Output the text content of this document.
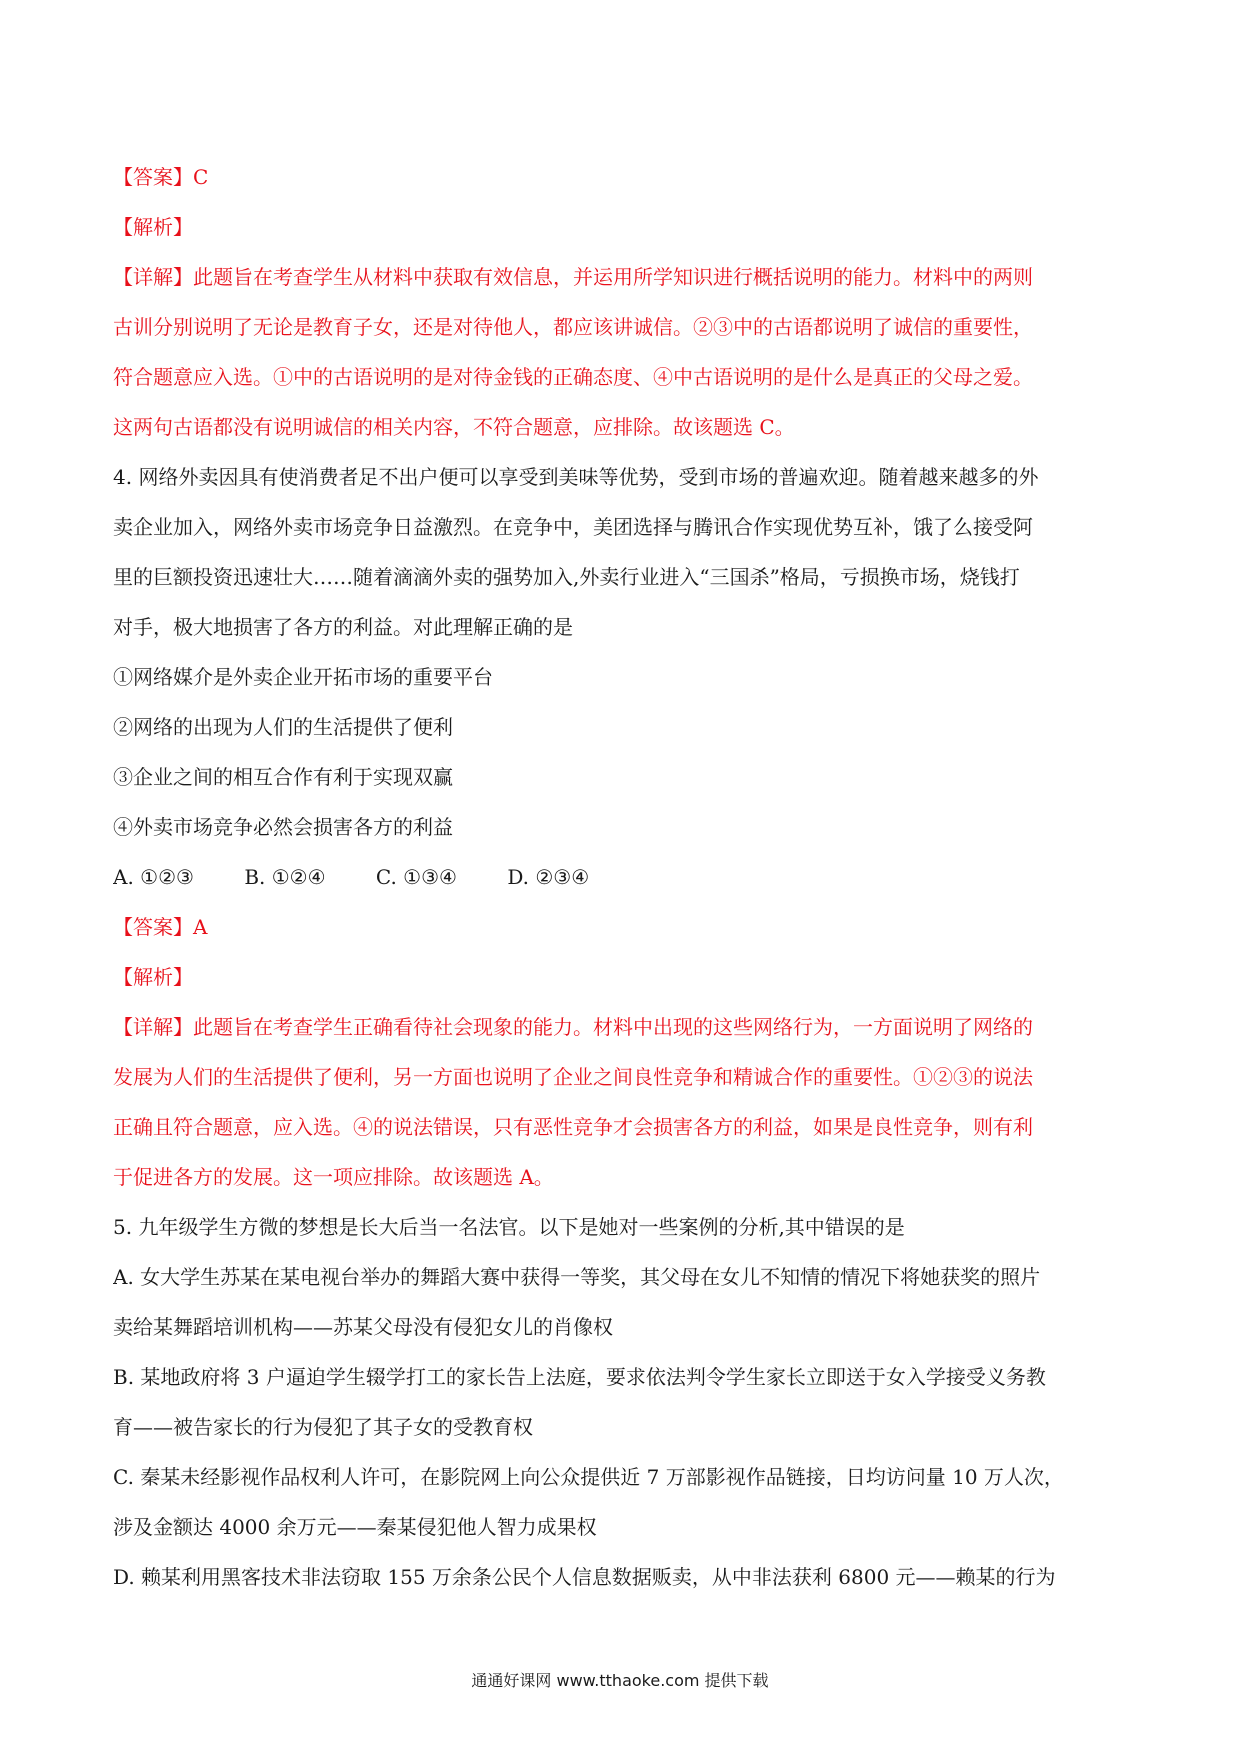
【答案】C
【解析】
【详解】此题旨在考查学生从材料中获取有效信息，并运用所学知识进行概括说明的能力。材料中的两则
古训分别说明了无论是教育子女，还是对待他人，都应该讲诚信。②③中的古语都说明了诚信的重要性，
符合题意应入选。①中的古语说明的是对待金钱的正确态度、④中古语说明的是什么是真正的父母之爱。
这两句古语都没有说明诚信的相关内容，不符合题意，应排除。故该题选 C。
4. 网络外卖因具有使消费者足不出户便可以享受到美味等优势，受到市场的普遍欢迎。随着越来越多的外
卖企业加入，网络外卖市场竞争日益激烈。在竞争中，美团选择与腾讯合作实现优势互补，饿了么接受阿
里的巨额投资迅速壮大……随着滴滴外卖的强势加入,外卖行业进入“三国杀”格局，亏损换市场，烧钱打
对手，极大地损害了各方的利益。对此理解正确的是
①网络媒介是外卖企业开拓市场的重要平台
②网络的出现为人们的生活提供了便利
③企业之间的相互合作有利于实现双赢
④外卖市场竞争必然会损害各方的利益
A. ①②③	B. ①②④	C. ①③④	D. ②③④
【答案】A
【解析】
【详解】此题旨在考查学生正确看待社会现象的能力。材料中出现的这些网络行为，一方面说明了网络的
发展为人们的生活提供了便利，另一方面也说明了企业之间良性竞争和精诚合作的重要性。①②③的说法
正确且符合题意，应入选。④的说法错误，只有恶性竞争才会损害各方的利益，如果是良性竞争，则有利
于促进各方的发展。这一项应排除。故该题选 A。
5. 九年级学生方微的梦想是长大后当一名法官。以下是她对一些案例的分析,其中错误的是
A. 女大学生苏某在某电视台举办的舞蹈大赛中获得一等奖，其父母在女儿不知情的情况下将她获奖的照片
卖给某舞蹈培训机构——苏某父母没有侵犯女儿的肖像权
B. 某地政府将 3 户逼迫学生辍学打工的家长告上法庭，要求依法判令学生家长立即送于女入学接受义务教
育——被告家长的行为侵犯了其子女的受教育权
C. 秦某未经影视作品权利人许可，在影院网上向公众提供近 7 万部影视作品链接，日均访问量 10 万人次，
涉及金额达 4000 余万元——秦某侵犯他人智力成果权
D. 赖某利用黑客技术非法窃取 155 万余条公民个人信息数据贩卖，从中非法获利 6800 元——赖某的行为
通通好课网 www.tthaoke.com 提供下载
